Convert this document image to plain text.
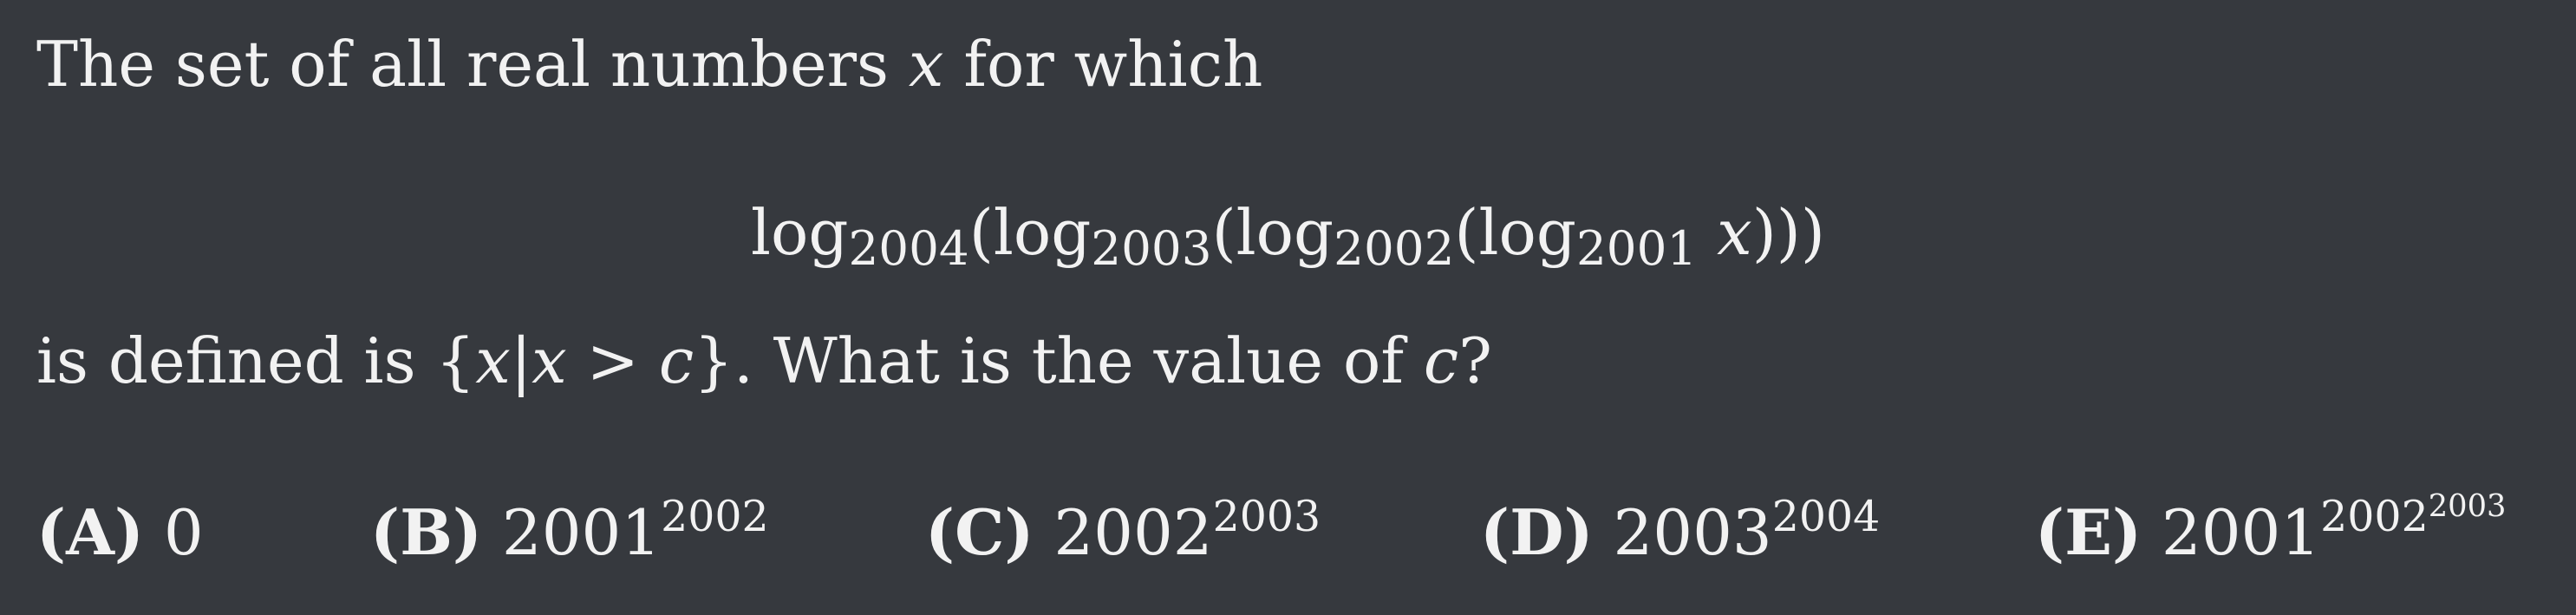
The set of all real numbers x for which
log2004(log2003(log2002(log2001 x)))
is defined is {x|x > c}. What is the value of c?
(A) 0	(B) $2001^{2002}$	(C) $2002^{2003}$	(D) $2003^{2004}$ (E) $2001^{2002^{2003}}$
